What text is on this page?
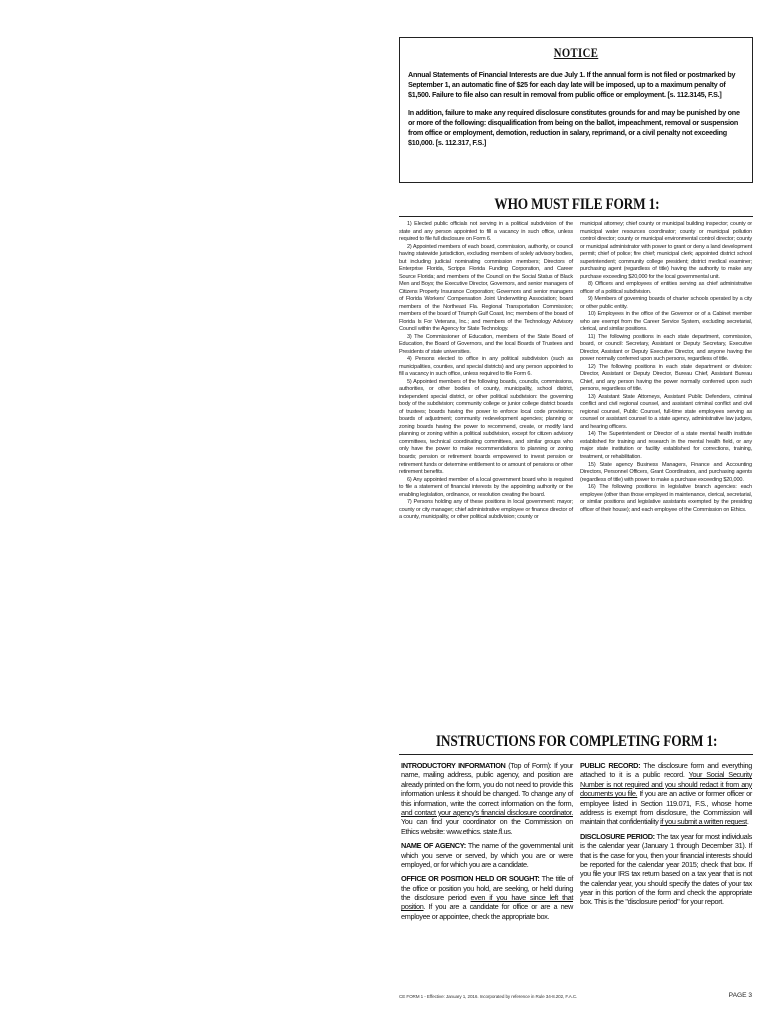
NOTICE

Annual Statements of Financial Interests are due July 1. If the annual form is not filed or postmarked by September 1, an automatic fine of $25 for each day late will be imposed, up to a maximum penalty of $1,500. Failure to file also can result in removal from public office or employment. [s. 112.3145, F.S.]

In addition, failure to make any required disclosure constitutes grounds for and may be punished by one or more of the following: disqualification from being on the ballot, impeachment, removal or suspension from office or employment, demotion, reduction in salary, reprimand, or a civil penalty not exceeding $10,000. [s. 112.317, F.S.]

WHO MUST FILE FORM 1:

1) Elected public officials not serving in a political subdivision of the state and any person appointed to fill a vacancy in such office, unless required to file full disclosure on Form 6.

2) Appointed members of each board, commission, authority, or council having statewide jurisdiction, excluding members of solely advisory bodies, but including judicial nominating commission members; Directors of Enterprise Florida, Scripps Florida Funding Corporation, and Career Source Florida; and members of the Council on the Social Status of Black Men and Boys; the Executive Director, Governors, and senior managers of Citizens Property Insurance Corporation; Governors and senior managers of Florida Workers' Compensation Joint Underwriting Association; board members of the Northeast Fla. Regional Transportation Commission; members of the board of Triumph Gulf Coast, Inc; members of the board of Florida Is For Veterans, Inc.; and members of the Technology Advisory Council within the Agency for State Technology.

3) The Commissioner of Education, members of the State Board of Education, the Board of Governors, and the local Boards of Trustees and Presidents of state universities.

4) Persons elected to office in any political subdivision (such as municipalities, counties, and special districts) and any person appointed to fill a vacancy in such office, unless required to file Form 6.

5) Appointed members of the following boards, councils, commissions, authorities, or other bodies of county, municipality, school district, independent special district, or other political subdivision: the governing body of the subdivision; community college or junior college district boards of trustees; boards having the power to enforce local code provisions; boards of adjustment; community redevelopment agencies; planning or zoning boards having the power to recommend, create, or modify land planning or zoning within a political subdivision, except for citizen advisory committees, technical coordinating committees, and similar groups who only have the power to make recommendations to planning or zoning boards; pension or retirement boards empowered to invest pension or retirement funds or determine entitlement to or amount of pensions or other retirement benefits.

6) Any appointed member of a local government board who is required to file a statement of financial interests by the appointing authority or the enabling legislation, ordinance, or resolution creating the board.

7) Persons holding any of these positions in local government: mayor; county or city manager; chief administrative employee or finance director of a county, municipality, or other political subdivision; county or

municipal attorney; chief county or municipal building inspector; county or municipal water resources coordinator; county or municipal pollution control director; county or municipal environmental control director; county or municipal administrator with power to grant or deny a land development permit; chief of police; fire chief; municipal clerk; appointed district school superintendent; community college president; district medical examiner; purchasing agent (regardless of title) having the authority to make any purchase exceeding $20,000 for the local governmental unit.

8) Officers and employees of entities serving as chief administrative officer of a political subdivision.

9) Members of governing boards of charter schools operated by a city or other public entity.

10) Employees in the office of the Governor or of a Cabinet member who are exempt from the Career Service System, excluding secretarial, clerical, and similar positions.

11) The following positions in each state department, commission, board, or council: Secretary, Assistant or Deputy Secretary, Executive Director, Assistant or Deputy Executive Director, and anyone having the power normally conferred upon such persons, regardless of title.

12) The following positions in each state department or division: Director, Assistant or Deputy Director, Bureau Chief, Assistant Bureau Chief, and any person having the power normally conferred upon such persons, regardless of title.

13) Assistant State Attorneys, Assistant Public Defenders, criminal conflict and civil regional counsel, and assistant criminal conflict and civil regional counsel, Public Counsel, full-time state employees serving as counsel or assistant counsel to a state agency, administrative law judges, and hearing officers.

14) The Superintendent or Director of a state mental health institute established for training and research in the mental health field, or any major state institution or facility established for corrections, training, treatment, or rehabilitation.

15) State agency Business Managers, Finance and Accounting Directors, Personnel Officers, Grant Coordinators, and purchasing agents (regardless of title) with power to make a purchase exceeding $20,000.

16) The following positions in legislative branch agencies: each employee (other than those employed in maintenance, clerical, secretarial, or similar positions and legislative assistants exempted by the presiding officer of their house); and each employee of the Commission on Ethics.

INSTRUCTIONS FOR COMPLETING FORM 1:

INTRODUCTORY INFORMATION (Top of Form): If your name, mailing address, public agency, and position are already printed on the form, you do not need to provide this information unless it should be changed. To change any of this information, write the correct information on the form, and contact your agency's financial disclosure coordinator. You can find your coordinator on the Commission on Ethics website: www.ethics. state.fl.us.

NAME OF AGENCY: The name of the governmental unit which you serve or served, by which you are or were employed, or for which you are a candidate.

OFFICE OR POSITION HELD OR SOUGHT: The title of the office or position you hold, are seeking, or held during the disclosure period even if you have since left that position. If you are a candidate for office or are a new employee or appointee, check the appropriate box.

PUBLIC RECORD: The disclosure form and everything attached to it is a public record. Your Social Security Number is not required and you should redact it from any documents you file. If you are an active or former officer or employee listed in Section 119.071, F.S., whose home address is exempt from disclosure, the Commission will maintain that confidentiality if you submit a written request.

DISCLOSURE PERIOD: The tax year for most individuals is the calendar year (January 1 through December 31). If that is the case for you, then your financial interests should be reported for the calendar year 2015; check that box. If you file your IRS tax return based on a tax year that is not the calendar year, you should specify the dates of your tax year in this portion of the form and check the appropriate box. This is the "disclosure period" for your report.

CE FORM 1 - Effective: January 1, 2016. Incorporated by reference in Rule 34-8.202, F.A.C.	PAGE 3
